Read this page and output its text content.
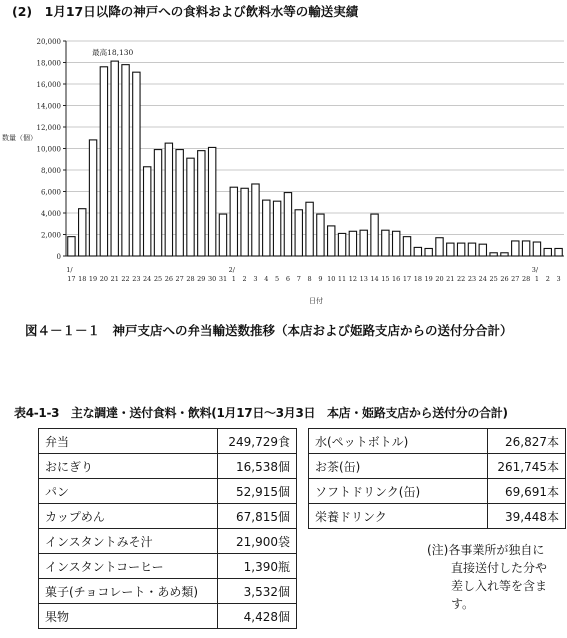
(2)　1月17日以降の神戸への食料および飲料水等の輸送実績
20,000
18,000
16,000
14,000
12,000
10,000
8,000
6,000
4,000
2,000
0
17 18 19 20 21 22 23 24 25 26 27 28 29 30 31 1 2 3 4 5 6 7 8 9 10 11 12 13 14 15 16 17 18 19 20 21 22 23 24 25 26 27 28 1 2 3
1/	2/	3/
最高18,130
数量（個）
日付
図４－１－１　神戸支店への弁当輸送数推移（本店および姫路支店からの送付分合計）
表4-1-3　主な調達・送付食料・飲料(1月17日～3月3日　本店・姫路支店から送付分の合計)
弁当	249,729食
おにぎり	16,538個
パン	52,915個
カップめん	67,815個
インスタントみそ汁	21,900袋
インスタントコーヒー	1,390瓶
菓子(チョコレート・あめ類)	3,532個
果物	4,428個
水(ペットボトル)	26,827本
お茶(缶)	261,745本
ソフトドリンク(缶)	69,691本
栄養ドリンク	39,448本
(注)各事業所が独自に
直接送付した分や
差し入れ等を含ま
す。
